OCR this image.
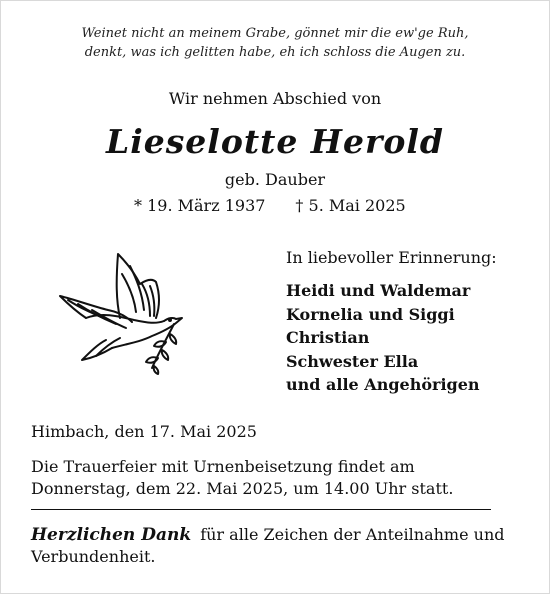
Weinet nicht an meinem Grabe, gönnet mir die ew'ge Ruh,
denkt, was ich gelitten habe, eh ich schloss die Augen zu.
Wir nehmen Abschied von
Lieselotte Herold
geb. Dauber
* 19. März 1937 † 5. Mai 2025
In liebevoller Erinnerung:
Heidi und Waldemar
Kornelia und Siggi
Christian
Schwester Ella
und alle Angehörigen
Himbach, den 17. Mai 2025
Die Trauerfeier mit Urnenbeisetzung findet am
Donnerstag, dem 22. Mai 2025, um 14.00 Uhr statt.
Herzlichen Dank für alle Zeichen der Anteilnahme und Verbundenheit.
